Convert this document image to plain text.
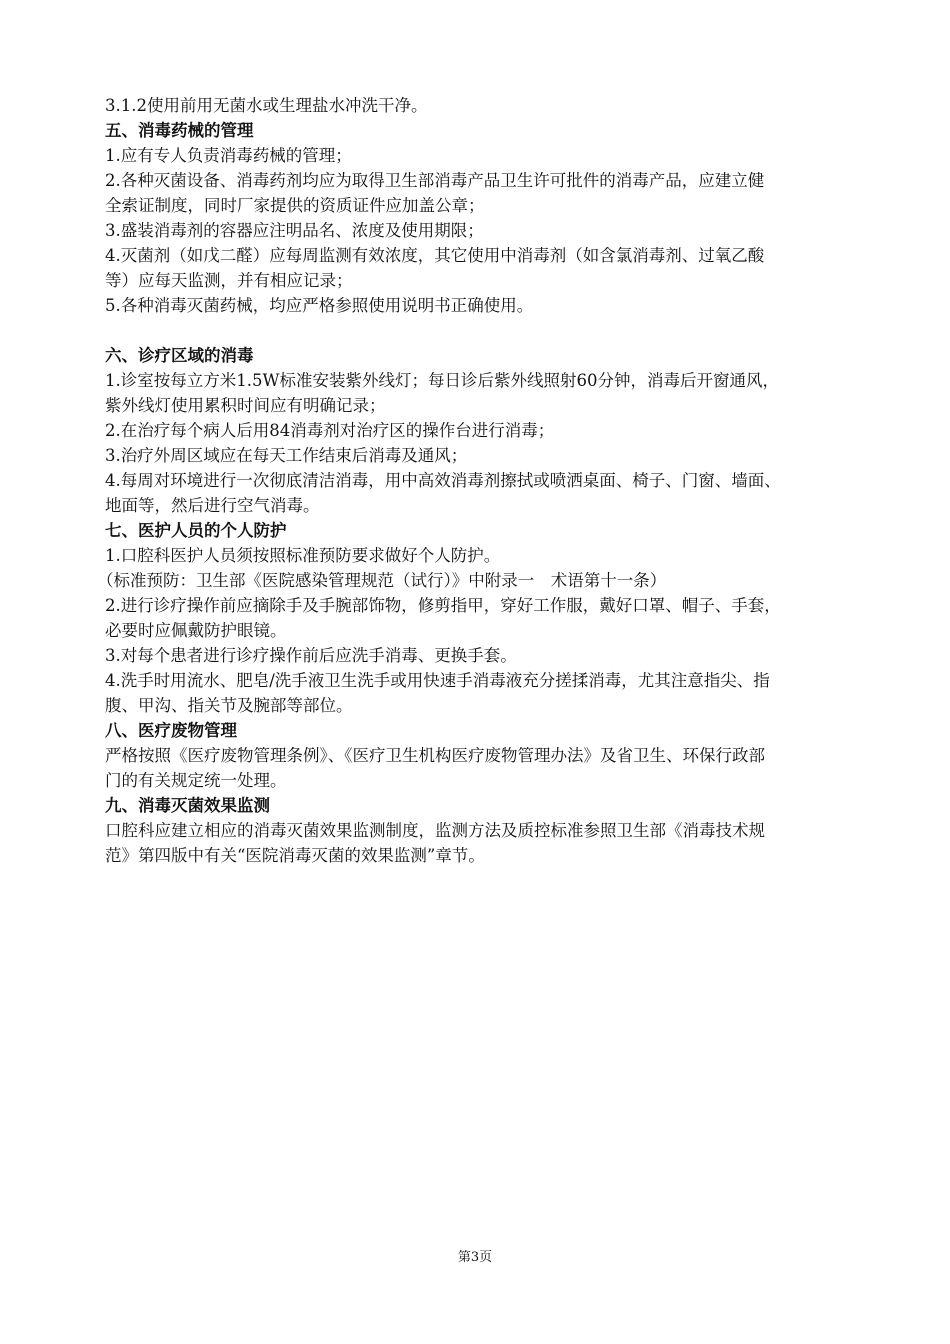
3.1.2使用前用无菌水或生理盐水冲洗干净。
五、消毒药械的管理
1.应有专人负责消毒药械的管理；
2.各种灭菌设备、消毒药剂均应为取得卫生部消毒产品卫生许可批件的消毒产品，应建立健
全索证制度，同时厂家提供的资质证件应加盖公章；
3.盛装消毒剂的容器应注明品名、浓度及使用期限；
4.灭菌剂（如戊二醛）应每周监测有效浓度，其它使用中消毒剂（如含氯消毒剂、过氧乙酸
等）应每天监测，并有相应记录；
5.各种消毒灭菌药械，均应严格参照使用说明书正确使用。
六、诊疗区域的消毒
1.诊室按每立方米1.5W标准安装紫外线灯；每日诊后紫外线照射60分钟，消毒后开窗通风，
紫外线灯使用累积时间应有明确记录；
2.在治疗每个病人后用84消毒剂对治疗区的操作台进行消毒；
3.治疗外周区域应在每天工作结束后消毒及通风；
4.每周对环境进行一次彻底清洁消毒，用中高效消毒剂擦拭或喷洒桌面、椅子、门窗、墙面、
地面等，然后进行空气消毒。
七、医护人员的个人防护
1.口腔科医护人员须按照标准预防要求做好个人防护。
（标准预防：卫生部《医院感染管理规范（试行）》中附录一　术语第十一条）
2.进行诊疗操作前应摘除手及手腕部饰物，修剪指甲，穿好工作服，戴好口罩、帽子、手套，
必要时应佩戴防护眼镜。
3.对每个患者进行诊疗操作前后应洗手消毒、更换手套。
4.洗手时用流水、肥皂/洗手液卫生洗手或用快速手消毒液充分搓揉消毒，尤其注意指尖、指
腹、甲沟、指关节及腕部等部位。
八、医疗废物管理
严格按照《医疗废物管理条例》、《医疗卫生机构医疗废物管理办法》及省卫生、环保行政部
门的有关规定统一处理。
九、消毒灭菌效果监测
口腔科应建立相应的消毒灭菌效果监测制度，监测方法及质控标准参照卫生部《消毒技术规
范》第四版中有关“医院消毒灭菌的效果监测”章节。
第3页
